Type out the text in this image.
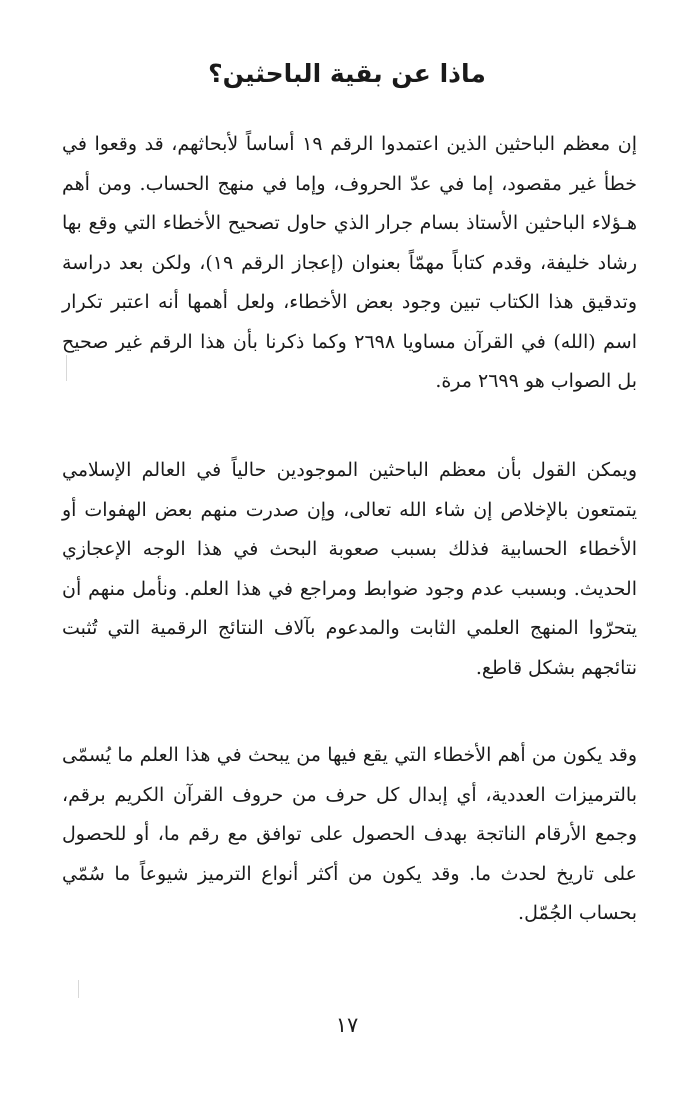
ماذا عن بقية الباحثين؟

إن معظم الباحثين الذين اعتمدوا الرقم ١٩ أساساً لأبحاثهم، قد وقعوا في خطأ غير مقصود، إما في عدّ الحروف، وإما في منهج الحساب. ومن أهم هـؤلاء الباحثين الأستاذ بسام جرار الذي حاول تصحيح الأخطاء التي وقع بها رشاد خليفة، وقدم كتاباً مهمّاً بعنوان (إعجاز الرقم ١٩)، ولكن بعد دراسة وتدقيق هذا الكتاب تبين وجود بعض الأخطاء، ولعل أهمها أنه اعتبر تكرار اسم (الله) في القرآن مساويا ٢٦٩٨ وكما ذكرنا بأن هذا الرقم غير صحيح بل الصواب هو ٢٦٩٩ مرة.

ويمكن القول بأن معظم الباحثين الموجودين حالياً في العالم الإسلامي يتمتعون بالإخلاص إن شاء الله تعالى، وإن صدرت منهم بعض الهفوات أو الأخطاء الحسابية فذلك بسبب صعوبة البحث في هذا الوجه الإعجازي الحديث. وبسبب عدم وجود ضوابط ومراجع في هذا العلم. ونأمل منهم أن يتحرّوا المنهج العلمي الثابت والمدعوم بآلاف النتائج الرقمية التي تُثبت نتائجهم بشكل قاطع.

وقد يكون من أهم الأخطاء التي يقع فيها من يبحث في هذا العلم ما يُسمّى بالترميزات العددية، أي إبدال كل حرف من حروف القرآن الكريم برقم، وجمع الأرقام الناتجة بهدف الحصول على توافق مع رقم ما، أو للحصول على تاريخ لحدث ما. وقد يكون من أكثر أنواع الترميز شيوعاً ما سُمّي بحساب الجُمّل.

١٧
